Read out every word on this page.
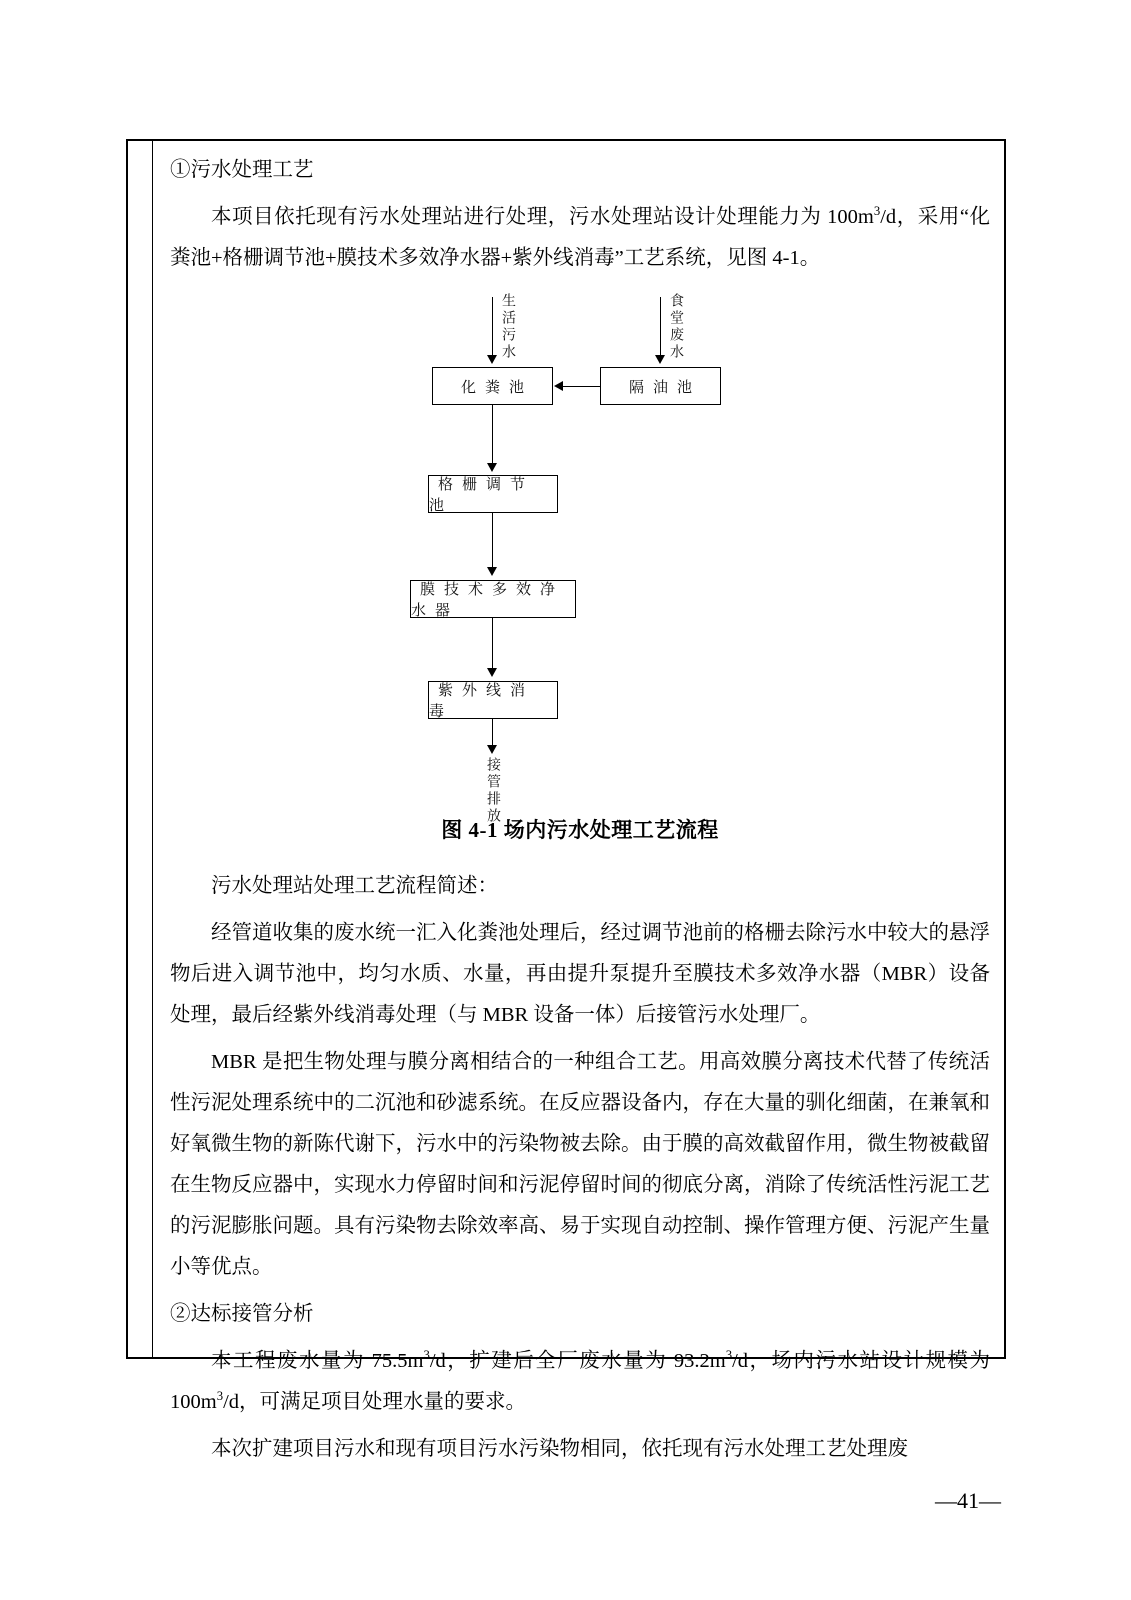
①污水处理工艺

本项目依托现有污水处理站进行处理，污水处理站设计处理能力为 $100m^3/d$，采用“化粪池+格栅调节池+膜技术多效净水器+紫外线消毒”工艺系统，见图 4-1。

生活污水	食堂废水
化粪池	隔油池
格栅调节池
膜技术多效净水器
紫外线消毒
接管排放
图 4-1 场内污水处理工艺流程

污水处理站处理工艺流程简述：

经管道收集的废水统一汇入化粪池处理后，经过调节池前的格栅去除污水中较大的悬浮物后进入调节池中，均匀水质、水量，再由提升泵提升至膜技术多效净水器（MBR）设备处理，最后经紫外线消毒处理（与 MBR 设备一体）后接管污水处理厂。

MBR 是把生物处理与膜分离相结合的一种组合工艺。用高效膜分离技术代替了传统活性污泥处理系统中的二沉池和砂滤系统。在反应器设备内，存在大量的驯化细菌，在兼氧和好氧微生物的新陈代谢下，污水中的污染物被去除。由于膜的高效截留作用，微生物被截留在生物反应器中，实现水力停留时间和污泥停留时间的彻底分离，消除了传统活性污泥工艺的污泥膨胀问题。具有污染物去除效率高、易于实现自动控制、操作管理方便、污泥产生量小等优点。

②达标接管分析

本工程废水量为 $75.5m^3/d$，扩建后全厂废水量为 $93.2m^3/d$，场内污水站设计规模为 $100m^3/d$，可满足项目处理水量的要求。

本次扩建项目污水和现有项目污水污染物相同，依托现有污水处理工艺处理废

—41—
